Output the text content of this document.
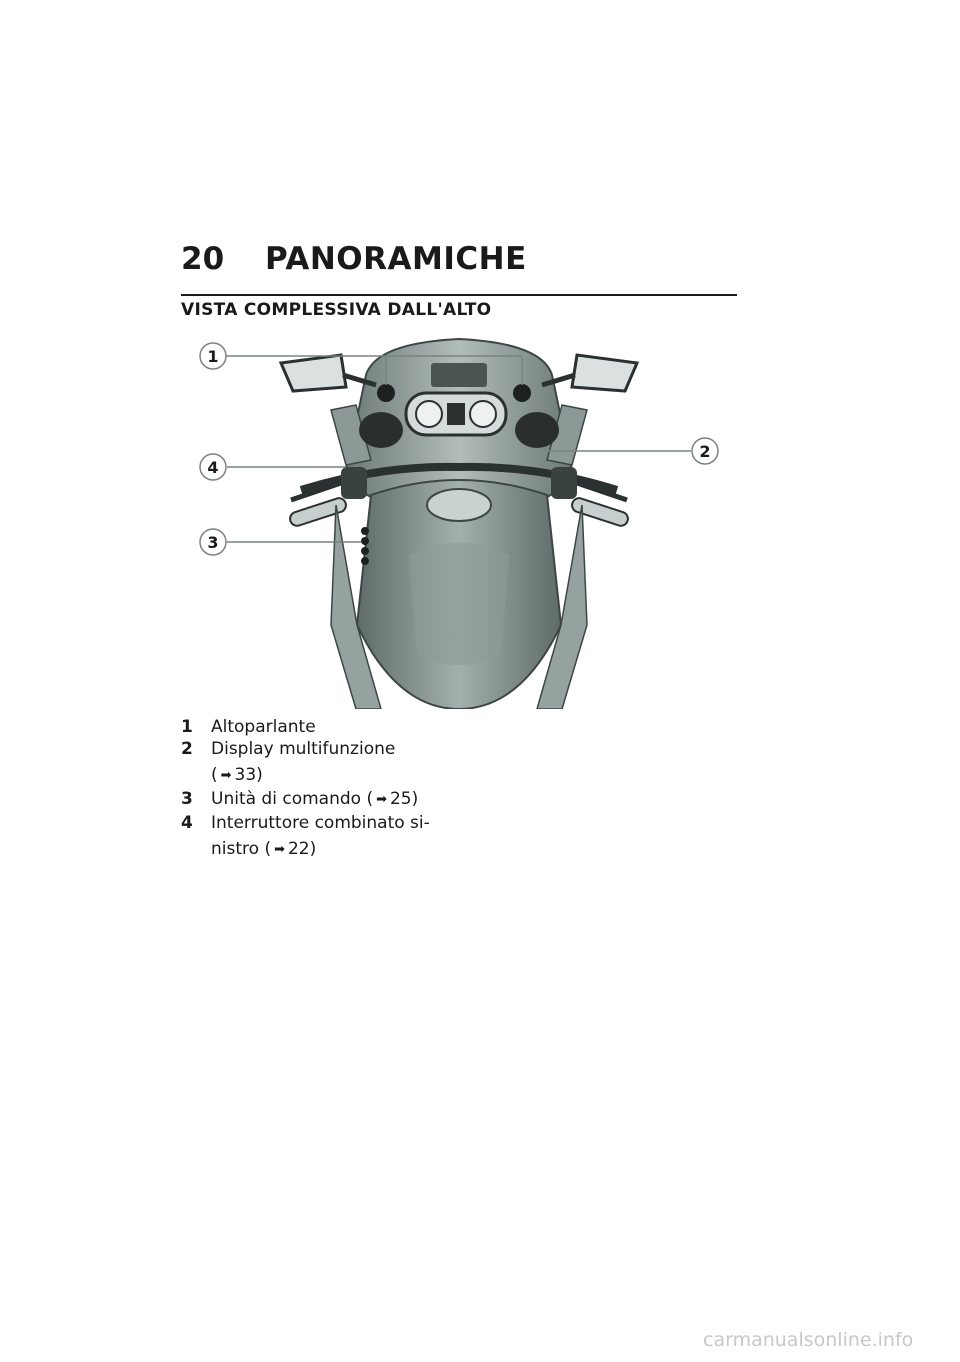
20 PANORAMICHE
VISTA COMPLESSIVA DALL'ALTO
1
2
3
4
1 Altoparlante
2 Display multifunzione
( ➡ 33)
3 Unità di comando ( ➡ 25)
4 Interruttore combinato si-
nistro ( ➡ 22)
carmanualsonline.info
